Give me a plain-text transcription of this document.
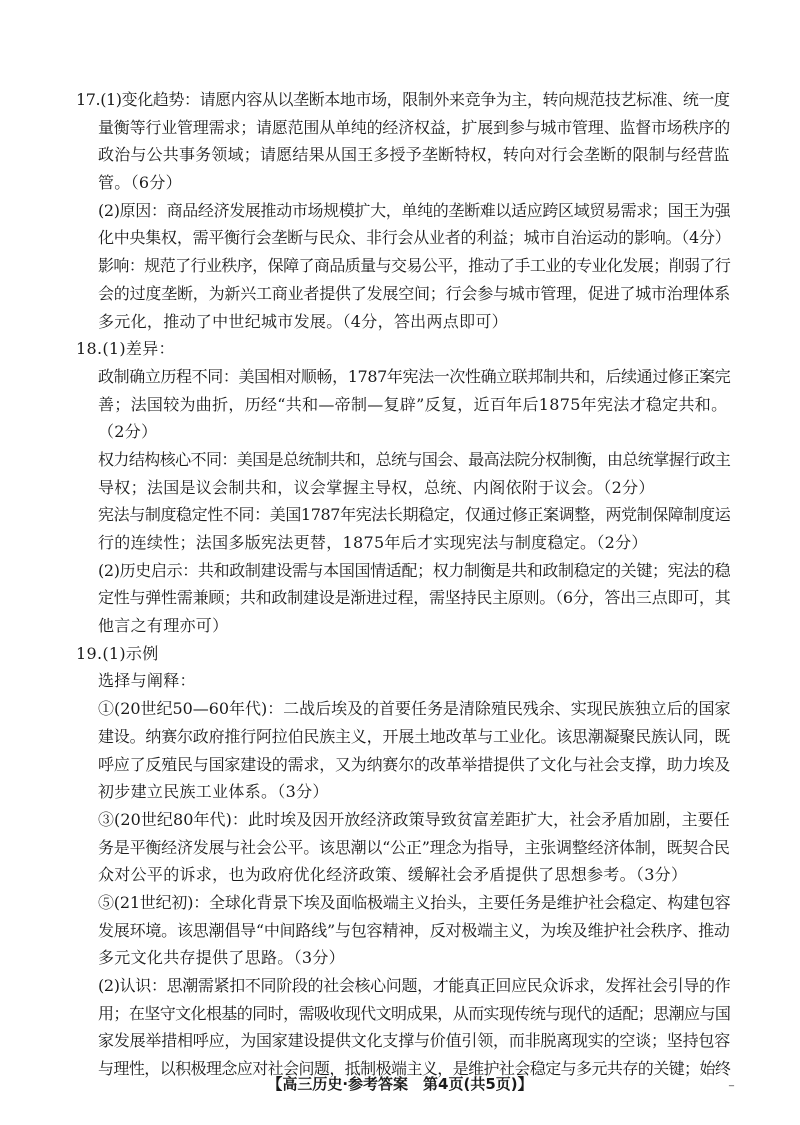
17.(1)变化趋势：请愿内容从以垄断本地市场，限制外来竞争为主，转向规范技艺标准、统一度
量衡等行业管理需求；请愿范围从单纯的经济权益，扩展到参与城市管理、监督市场秩序的
政治与公共事务领域；请愿结果从国王多授予垄断特权，转向对行会垄断的限制与经营监
管。（6分）
(2)原因：商品经济发展推动市场规模扩大，单纯的垄断难以适应跨区域贸易需求；国王为强
化中央集权，需平衡行会垄断与民众、非行会从业者的利益；城市自治运动的影响。（4分）
影响：规范了行业秩序，保障了商品质量与交易公平，推动了手工业的专业化发展；削弱了行
会的过度垄断，为新兴工商业者提供了发展空间；行会参与城市管理，促进了城市治理体系
多元化，推动了中世纪城市发展。（4分，答出两点即可）
18.(1)差异：
政制确立历程不同：美国相对顺畅，1787年宪法一次性确立联邦制共和，后续通过修正案完
善；法国较为曲折，历经“共和—帝制—复辟”反复，近百年后1875年宪法才稳定共和。
（2分）
权力结构核心不同：美国是总统制共和，总统与国会、最高法院分权制衡，由总统掌握行政主
导权；法国是议会制共和，议会掌握主导权，总统、内阁依附于议会。（2分）
宪法与制度稳定性不同：美国1787年宪法长期稳定，仅通过修正案调整，两党制保障制度运
行的连续性；法国多版宪法更替，1875年后才实现宪法与制度稳定。（2分）
(2)历史启示：共和政制建设需与本国国情适配；权力制衡是共和政制稳定的关键；宪法的稳
定性与弹性需兼顾；共和政制建设是渐进过程，需坚持民主原则。（6分，答出三点即可，其
他言之有理亦可）
19.(1)示例
选择与阐释：
①(20世纪50—60年代)：二战后埃及的首要任务是清除殖民残余、实现民族独立后的国家
建设。纳赛尔政府推行阿拉伯民族主义，开展土地改革与工业化。该思潮凝聚民族认同，既
呼应了反殖民与国家建设的需求，又为纳赛尔的改革举措提供了文化与社会支撑，助力埃及
初步建立民族工业体系。（3分）
③(20世纪80年代)：此时埃及因开放经济政策导致贫富差距扩大，社会矛盾加剧，主要任
务是平衡经济发展与社会公平。该思潮以“公正”理念为指导，主张调整经济体制，既契合民
众对公平的诉求，也为政府优化经济政策、缓解社会矛盾提供了思想参考。（3分）
⑤(21世纪初)：全球化背景下埃及面临极端主义抬头，主要任务是维护社会稳定、构建包容
发展环境。该思潮倡导“中间路线”与包容精神，反对极端主义，为埃及维护社会秩序、推动
多元文化共存提供了思路。（3分）
(2)认识：思潮需紧扣不同阶段的社会核心问题，才能真正回应民众诉求，发挥社会引导的作
用；在坚守文化根基的同时，需吸收现代文明成果，从而实现传统与现代的适配；思潮应与国
家发展举措相呼应，为国家建设提供文化支撑与价值引领，而非脱离现实的空谈；坚持包容
与理性，以积极理念应对社会问题，抵制极端主义，是维护社会稳定与多元共存的关键；始终
【高三历史·参考答案　第4页(共5页)】	‾
